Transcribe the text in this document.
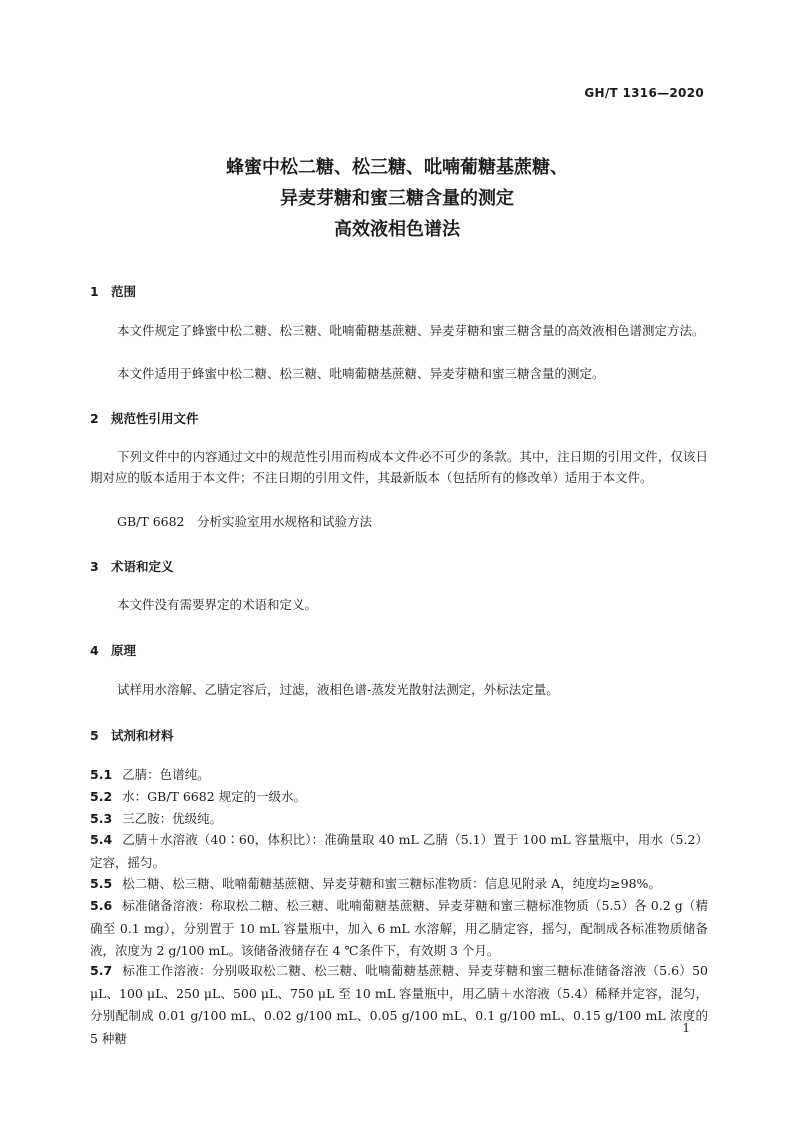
GH/T 1316—2020
蜂蜜中松二糖、松三糖、吡喃葡糖基蔗糖、
异麦芽糖和蜜三糖含量的测定
高效液相色谱法
1 范围
本文件规定了蜂蜜中松二糖、松三糖、吡喃葡糖基蔗糖、异麦芽糖和蜜三糖含量的高效液相色谱测定方法。
本文件适用于蜂蜜中松二糖、松三糖、吡喃葡糖基蔗糖、异麦芽糖和蜜三糖含量的测定。
2 规范性引用文件
下列文件中的内容通过文中的规范性引用而构成本文件必不可少的条款。其中，注日期的引用文件，仅该日期对应的版本适用于本文件；不注日期的引用文件，其最新版本（包括所有的修改单）适用于本文件。
GB/T 6682　分析实验室用水规格和试验方法
3 术语和定义
本文件没有需要界定的术语和定义。
4 原理
试样用水溶解、乙腈定容后，过滤，液相色谱-蒸发光散射法测定，外标法定量。
5 试剂和材料
5.1 乙腈：色谱纯。
5.2 水：GB/T 6682 规定的一级水。
5.3 三乙胺：优级纯。
5.4 乙腈＋水溶液（40∶60，体积比）：准确量取 40 mL 乙腈（5.1）置于 100 mL 容量瓶中，用水（5.2）定容，摇匀。
5.5 松二糖、松三糖、吡喃葡糖基蔗糖、异麦芽糖和蜜三糖标准物质：信息见附录 A，纯度均≥98%。
5.6 标准储备溶液：称取松二糖、松三糖、吡喃葡糖基蔗糖、异麦芽糖和蜜三糖标准物质（5.5）各 0.2 g（精确至 0.1 mg），分别置于 10 mL 容量瓶中，加入 6 mL 水溶解，用乙腈定容，摇匀，配制成各标准物质储备液，浓度为 2 g/100 mL。该储备液储存在 4 ℃条件下，有效期 3 个月。
5.7 标准工作溶液：分别吸取松二糖、松三糖、吡喃葡糖基蔗糖、异麦芽糖和蜜三糖标准储备溶液（5.6）50 μL、100 μL、250 μL、500 μL、750 μL 至 10 mL 容量瓶中，用乙腈＋水溶液（5.4）稀释并定容，混匀，分别配制成 0.01 g/100 mL、0.02 g/100 mL、0.05 g/100 mL、0.1 g/100 mL、0.15 g/100 mL 浓度的 5 种糖
1
